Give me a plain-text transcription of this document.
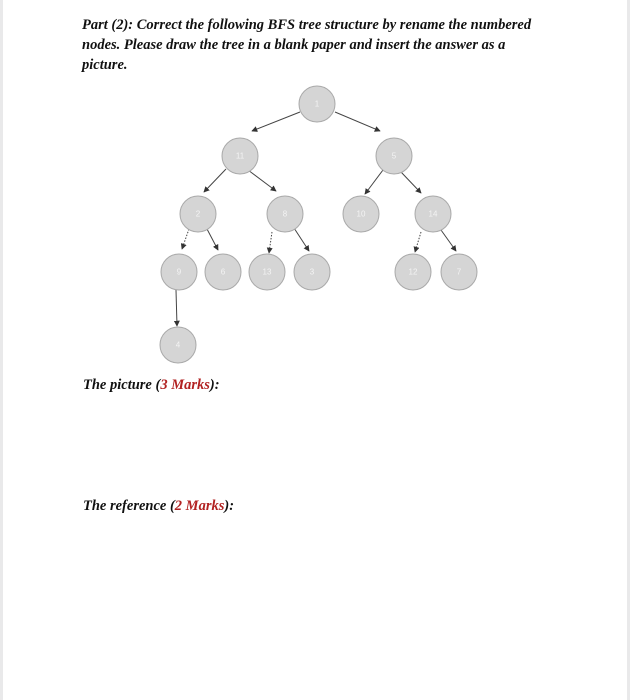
Part (2): Correct the following BFS tree structure by rename the numbered nodes. Please draw the tree in a blank paper and insert the answer as a picture.

1
11	5
2	8	10	14
9	6	13	3	12	7
4

The picture (3 Marks):

The reference (2 Marks):
